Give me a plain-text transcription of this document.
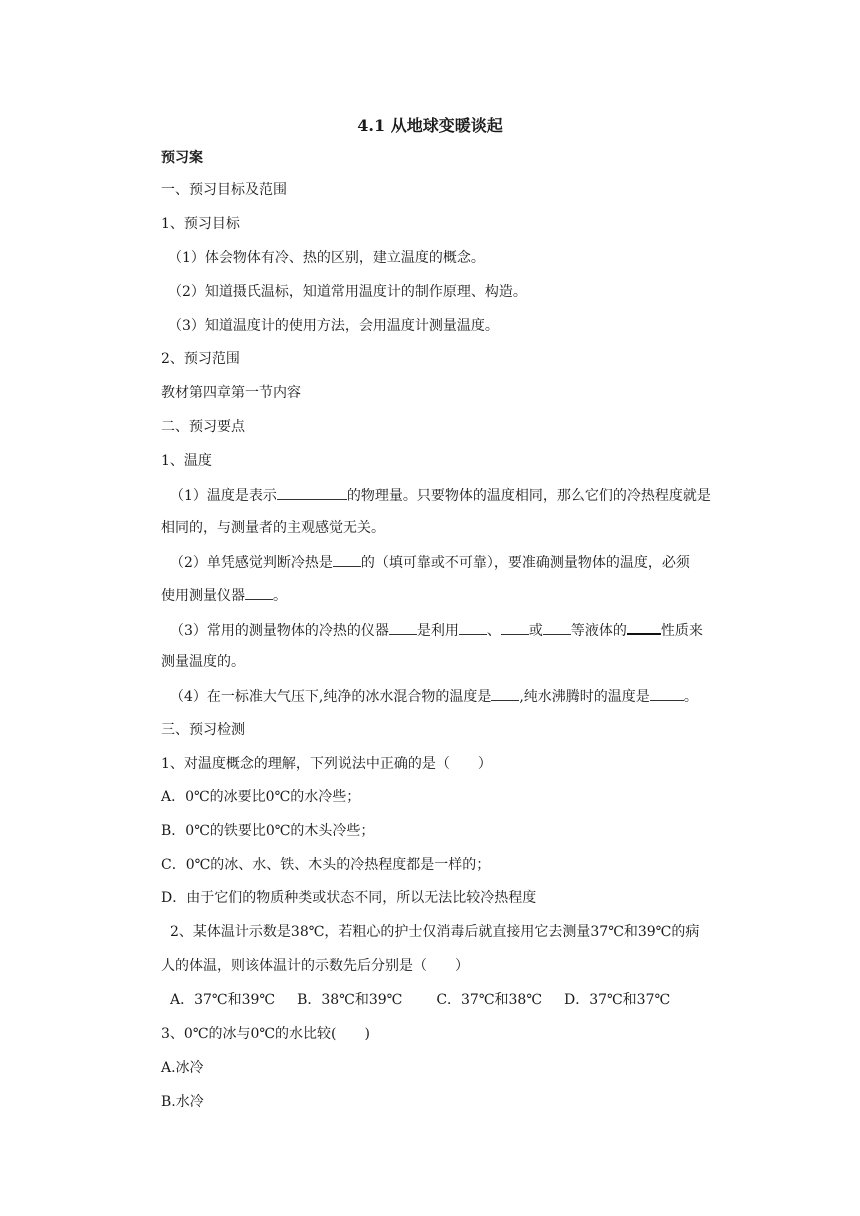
4.1 从地球变暖谈起
预习案
一、预习目标及范围
1、预习目标
（1）体会物体有冷、热的区别，建立温度的概念。
（2）知道摄氏温标，知道常用温度计的制作原理、构造。
（3）知道温度计的使用方法，会用温度计测量温度。
2、预习范围
教材第四章第一节内容
二、预习要点
1、温度
（1）温度是表示	的物理量。只要物体的温度相同，那么它们的冷热程度就是
相同的，与测量者的主观感觉无关。
（2）单凭感觉判断冷热是 的（填可靠或不可靠），要准确测量物体的温度，必须
使用测量仪器 。
（3）常用的测量物体的冷热的仪器 是利用 、 或 等液体的 性质来
测量温度的。
（4）在一标准大气压下,纯净的冰水混合物的温度是 ,纯水沸腾时的温度是 。
三、预习检测
1、对温度概念的理解，下列说法中正确的是（　　）
A．0℃的冰要比0℃的水冷些；
B．0℃的铁要比0℃的木头冷些；
C．0℃的冰、水、铁、木头的冷热程度都是一样的；
D．由于它们的物质种类或状态不同，所以无法比较冷热程度
2、某体温计示数是38℃，若粗心的护士仅消毒后就直接用它去测量37℃和39℃的病
人的体温，则该体温计的示数先后分别是（　　）
A．37℃和39℃ B．38℃和39℃ C．37℃和38℃ D．37℃和37℃
3、0℃的冰与0℃的水比较(　　)
A.冰冷
B.水冷
